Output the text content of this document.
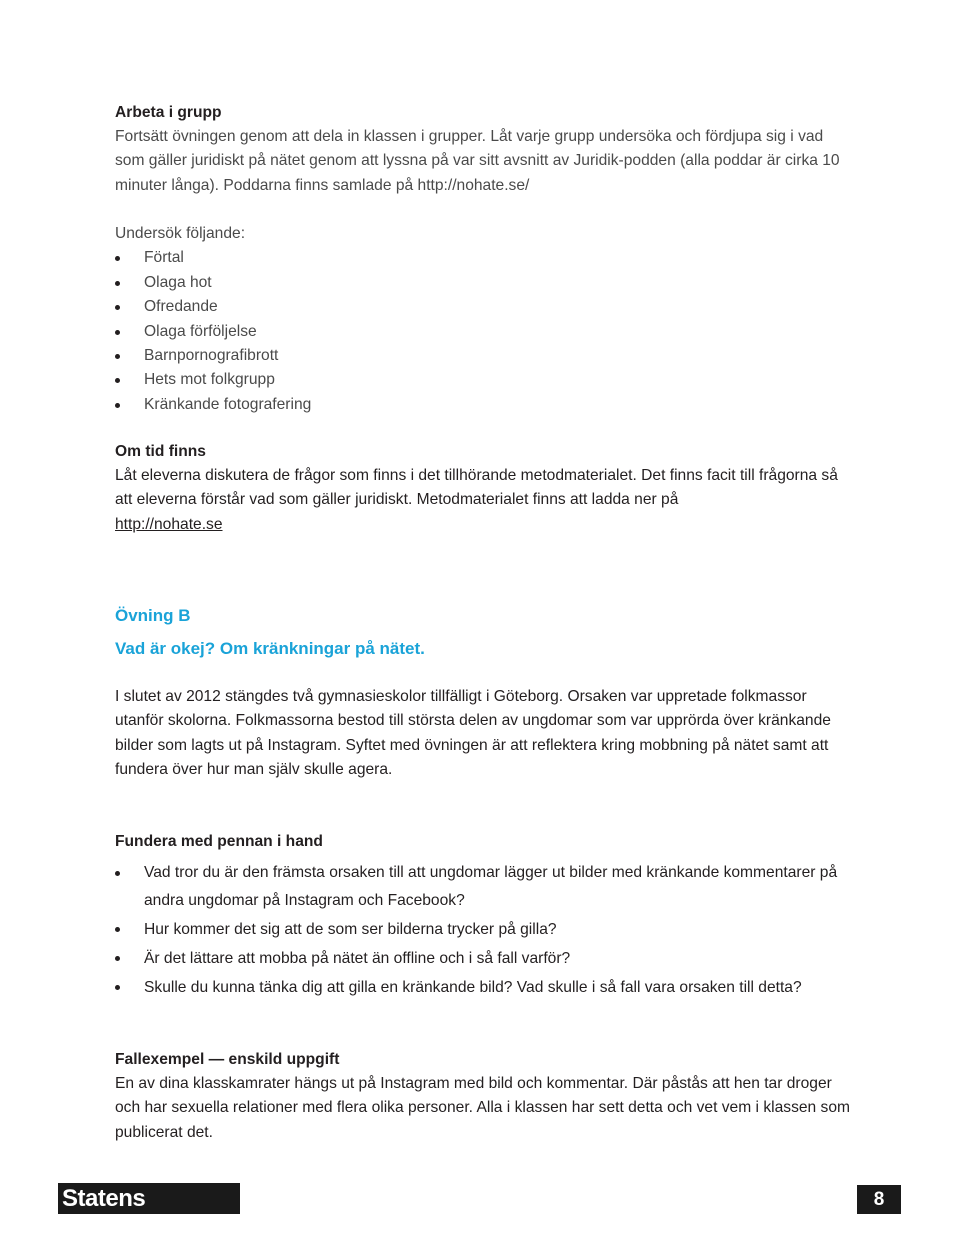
Arbeta i grupp

Fortsätt övningen genom att dela in klassen i grupper. Låt varje grupp undersöka och fördjupa sig i vad

som gäller juridiskt på nätet genom att lyssna på var sitt avsnitt av Juridik-podden (alla poddar är cirka 10

minuter långa). Poddarna finns samlade på http://nohate.se/

Undersök följande:

Förtal
Olaga hot
Ofredande
Olaga förföljelse
Barnpornografibrott
Hets mot folkgrupp
Kränkande fotografering

Om tid finns

Låt eleverna diskutera de frågor som finns i det tillhörande metodmaterialet. Det finns facit till frågorna så

att eleverna förstår vad som gäller juridiskt. Metodmaterialet finns att ladda ner på

http://nohate.se

Övning B

Vad är okej? Om kränkningar på nätet.

I slutet av 2012 stängdes två gymnasieskolor tillfälligt i Göteborg. Orsaken var uppretade folkmassor

utanför skolorna. Folkmassorna bestod till största delen av ungdomar som var upprörda över kränkande

bilder som lagts ut på Instagram. Syftet med övningen är att reflektera kring mobbning på nätet samt att

fundera över hur man själv skulle agera.

Fundera med pennan i hand

Vad tror du är den främsta orsaken till att ungdomar lägger ut bilder med kränkande kommentarer på
andra ungdomar på Instagram och Facebook?
Hur kommer det sig att de som ser bilderna trycker på gilla?
Är det lättare att mobba på nätet än offline och i så fall varför?
Skulle du kunna tänka dig att gilla en kränkande bild? Vad skulle i så fall vara orsaken till detta?

Fallexempel — enskild uppgift

En av dina klasskamrater hängs ut på Instagram med bild och kommentar. Där påstås att hen tar droger

och har sexuella relationer med flera olika personer. Alla i klassen har sett detta och vet vem i klassen som

publicerat det.

Statens medieråd
8
